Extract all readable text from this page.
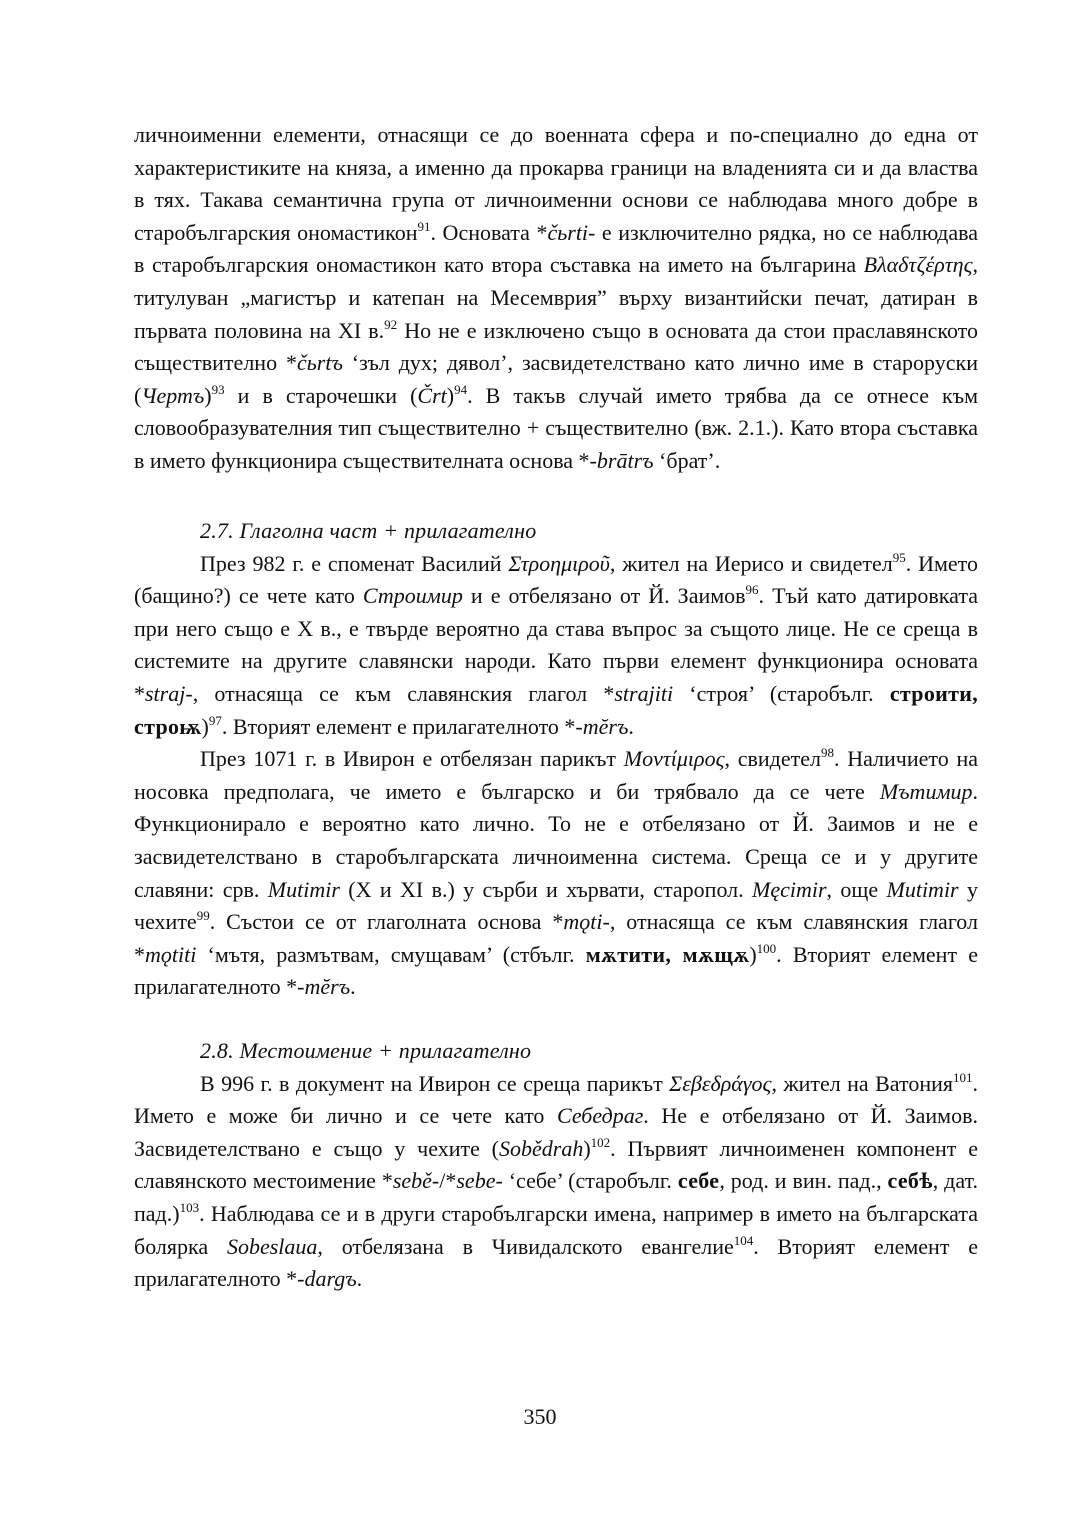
личноименни елементи, отнасящи се до военната сфера и по-специално до една от характеристиките на княза, а именно да прокарва граници на владенията си и да властва в тях. Такава семантична група от личноименни основи се наблюдава много добре в старобългарския ономастикон$^{91}$. Основата *čьrti- е изключително рядка, но се наблюдава в старобългарския ономастикон като втора съставка на името на българина Βλαδτζέρτης, титулуван „магистър и катепан на Месемврия” върху византийски печат, датиран в първата половина на XI в.$^{92}$ Но не е изключено също в основата да стои праславянското съществително *čьrtъ ‘зъл дух; дявол’, засвидетелствано като лично име в староруски (Чертъ)$^{93}$ и в старочешки (Črt)$^{94}$. В такъв случай името трябва да се отнесе към словообразувателния тип съществително + съществително (вж. 2.1.). Като втора съставка в името функционира съществителната основа *-brātrъ ‘брат’.

2.7. Глаголна част + прилагателно

През 982 г. е споменат Василий Στροημιροῦ, жител на Иерисо и свидетел$^{95}$. Името (бащино?) се чете като Строимир и е отбелязано от Й. Заимов$^{96}$. Тъй като датировката при него също е X в., е твърде вероятно да става въпрос за същото лице. Не се среща в системите на другите славянски народи. Като първи елемент функционира основата *straj-, отнасяща се към славянския глагол *strajiti ‘строя’ (старобълг. строити, строѭ)$^{97}$. Вторият елемент е прилагателното *-mĕrъ.

През 1071 г. в Ивирон е отбелязан парикът Μοντίμιρος, свидетел$^{98}$. Наличието на носовка предполага, че името е българско и би трябвало да се чете Мътимир. Функционирало е вероятно като лично. То не е отбелязано от Й. Заимов и не е засвидетелствано в старобългарската личноименна система. Среща се и у другите славяни: срв. Mutimir (X и XI в.) у сърби и хървати, старопол. Męcimir, още Mutimir у чехите$^{99}$. Състои се от глаголната основа *mǫti-, отнасяща се към славянския глагол *mǫtiti ‘мътя, размътвам, смущавам’ (стбълг. мѫтити, мѫщѫ)$^{100}$. Вторият елемент е прилагателното *-mĕrъ.

2.8. Местоимение + прилагателно

В 996 г. в документ на Ивирон се среща парикът Σεβεδράγος, жител на Ватония$^{101}$. Името е може би лично и се чете като Себедраг. Не е отбелязано от Й. Заимов. Засвидетелствано е също у чехите (Sobědrah)$^{102}$. Първият личноименен компонент е славянското местоимение *sebě-/*sebe- ‘себе’ (старобълг. себе, род. и вин. пад., себѣ, дат. пад.)$^{103}$. Наблюдава се и в други старобългарски имена, например в името на българската болярка Sobeslaua, отбелязана в Чивидалското евангелие$^{104}$. Вторият елемент е прилагателното *-dargъ.

350
